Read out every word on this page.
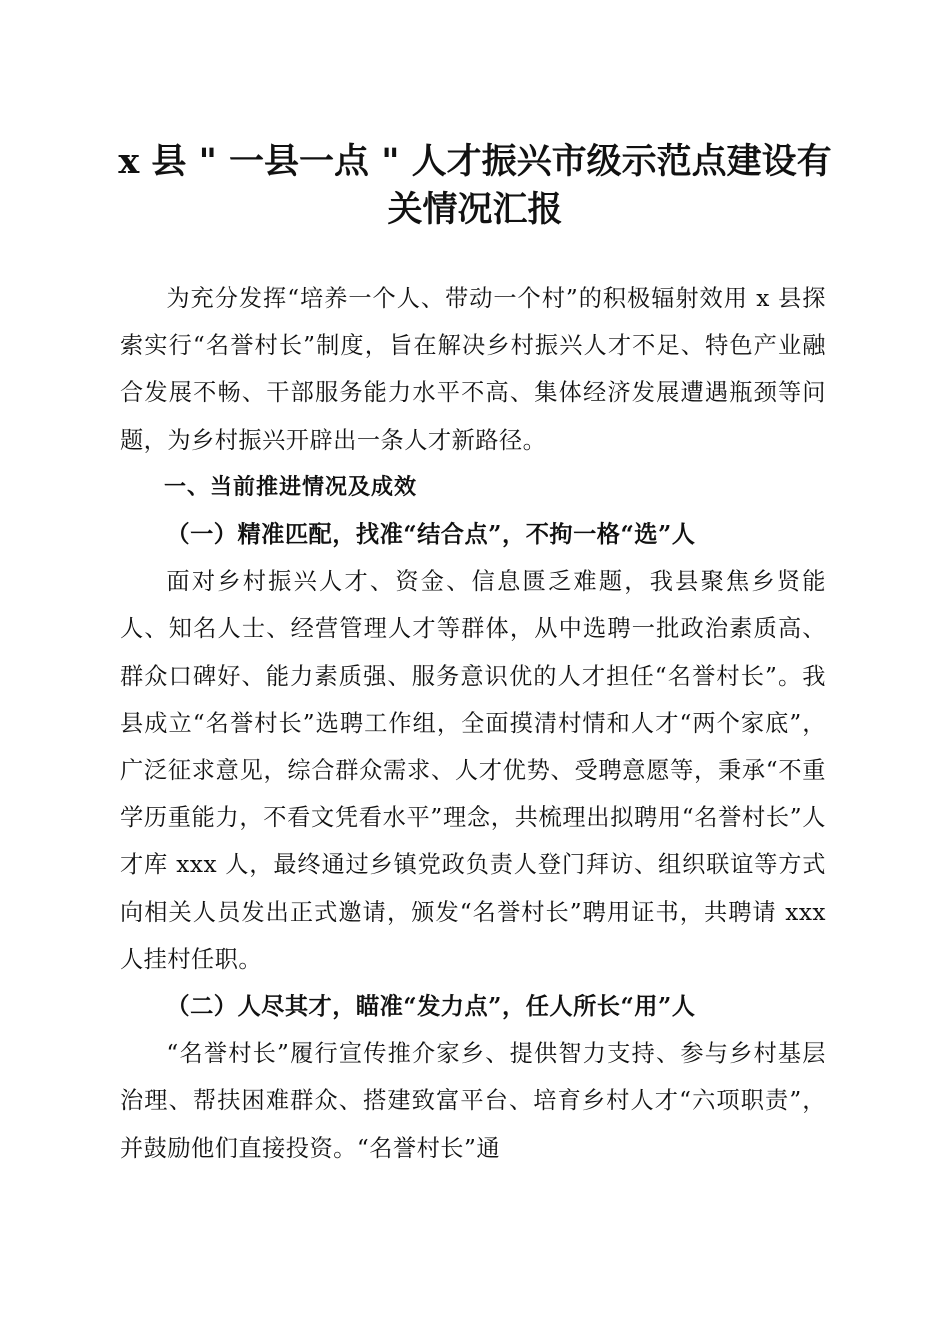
x 县 " 一县一点 " 人才振兴市级示范点建设有
关情况汇报

为充分发挥“培养一个人、带动一个村”的积极辐射效用 x 县探索实行“名誉村长”制度，旨在解决乡村振兴人才不足、特色产业融合发展不畅、干部服务能力水平不高、集体经济发展遭遇瓶颈等问题，为乡村振兴开辟出一条人才新路径。

一、当前推进情况及成效

（一）精准匹配，找准“结合点”，不拘一格“选”人

面对乡村振兴人才、资金、信息匮乏难题，我县聚焦乡贤能人、知名人士、经营管理人才等群体，从中选聘一批政治素质高、群众口碑好、能力素质强、服务意识优的人才担任“名誉村长”。我县成立“名誉村长”选聘工作组，全面摸清村情和人才“两个家底”，广泛征求意见，综合群众需求、人才优势、受聘意愿等，秉承“不重学历重能力，不看文凭看水平”理念，共梳理出拟聘用“名誉村长”人才库 xxx 人，最终通过乡镇党政负责人登门拜访、组织联谊等方式向相关人员发出正式邀请，颁发“名誉村长”聘用证书，共聘请 xxx 人挂村任职。

（二）人尽其才，瞄准“发力点”，任人所长“用”人

“名誉村长”履行宣传推介家乡、提供智力支持、参与乡村基层治理、帮扶困难群众、搭建致富平台、培育乡村人才“六项职责”，并鼓励他们直接投资。“名誉村长”通
